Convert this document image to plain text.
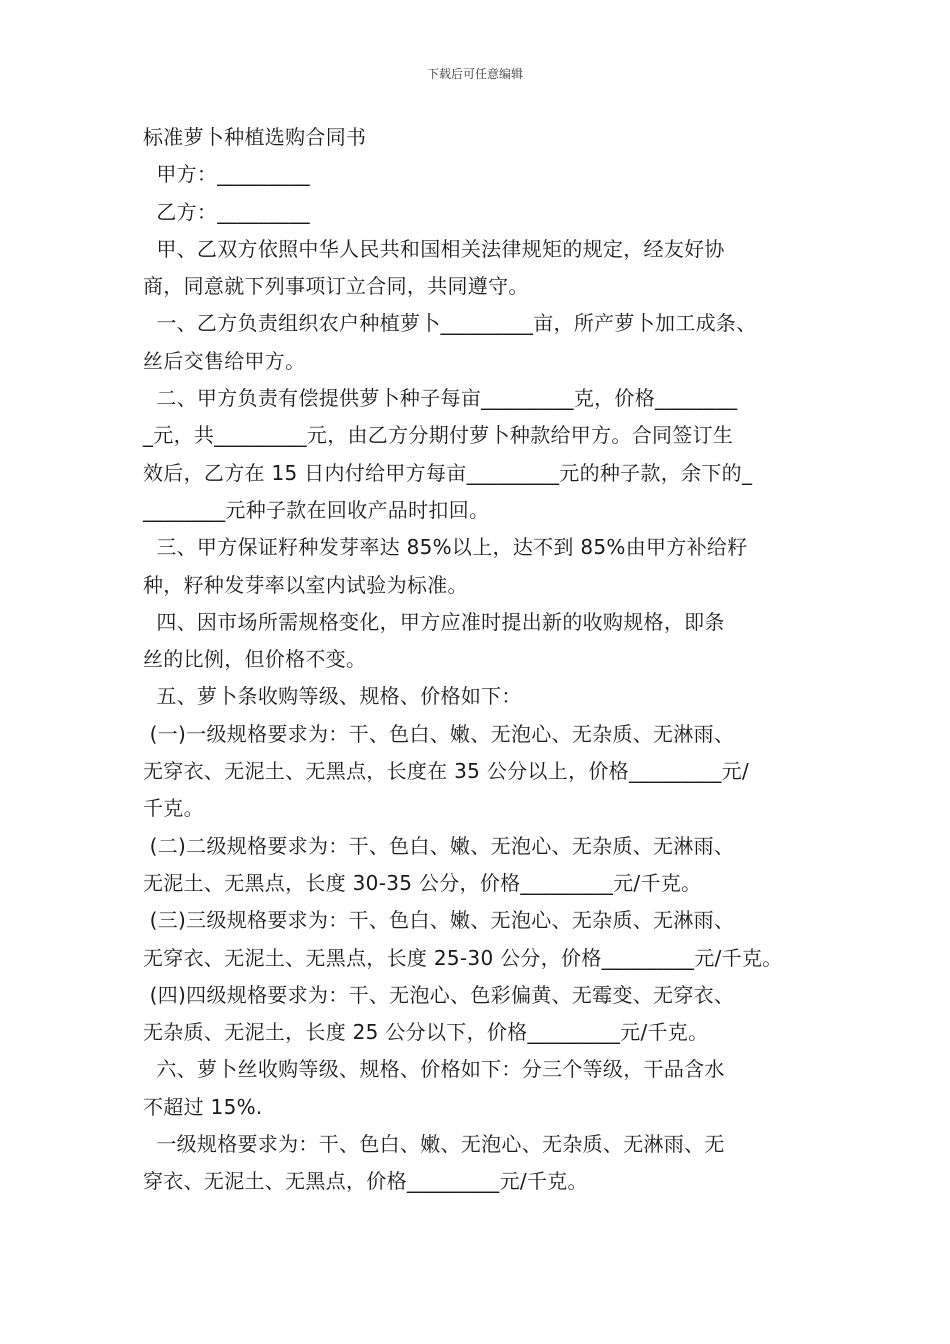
下载后可任意编辑
标准萝卜种植选购合同书
甲方：_________
乙方：_________
甲、乙双方依照中华人民共和国相关法律规矩的规定，经友好协
商，同意就下列事项订立合同，共同遵守。
一、乙方负责组织农户种植萝卜_________亩，所产萝卜加工成条、
丝后交售给甲方。
二、甲方负责有偿提供萝卜种子每亩_________克，价格________
_元，共_________元，由乙方分期付萝卜种款给甲方。合同签订生
效后，乙方在 15 日内付给甲方每亩_________元的种子款，余下的_
________元种子款在回收产品时扣回。
三、甲方保证籽种发芽率达 85%以上，达不到 85%由甲方补给籽
种，籽种发芽率以室内试验为标准。
四、因市场所需规格变化，甲方应准时提出新的收购规格，即条
丝的比例，但价格不变。
五、萝卜条收购等级、规格、价格如下：
(一)一级规格要求为：干、色白、嫩、无泡心、无杂质、无淋雨、
无穿衣、无泥土、无黑点，长度在 35 公分以上，价格_________元/
千克。
(二)二级规格要求为：干、色白、嫩、无泡心、无杂质、无淋雨、
无泥土、无黑点，长度 30-35 公分，价格_________元/千克。
(三)三级规格要求为：干、色白、嫩、无泡心、无杂质、无淋雨、
无穿衣、无泥土、无黑点，长度 25-30 公分，价格_________元/千克。
(四)四级规格要求为：干、无泡心、色彩偏黄、无霉变、无穿衣、
无杂质、无泥土，长度 25 公分以下，价格_________元/千克。
六、萝卜丝收购等级、规格、价格如下：分三个等级，干品含水
不超过 15%.
一级规格要求为：干、色白、嫩、无泡心、无杂质、无淋雨、无
穿衣、无泥土、无黑点，价格_________元/千克。
